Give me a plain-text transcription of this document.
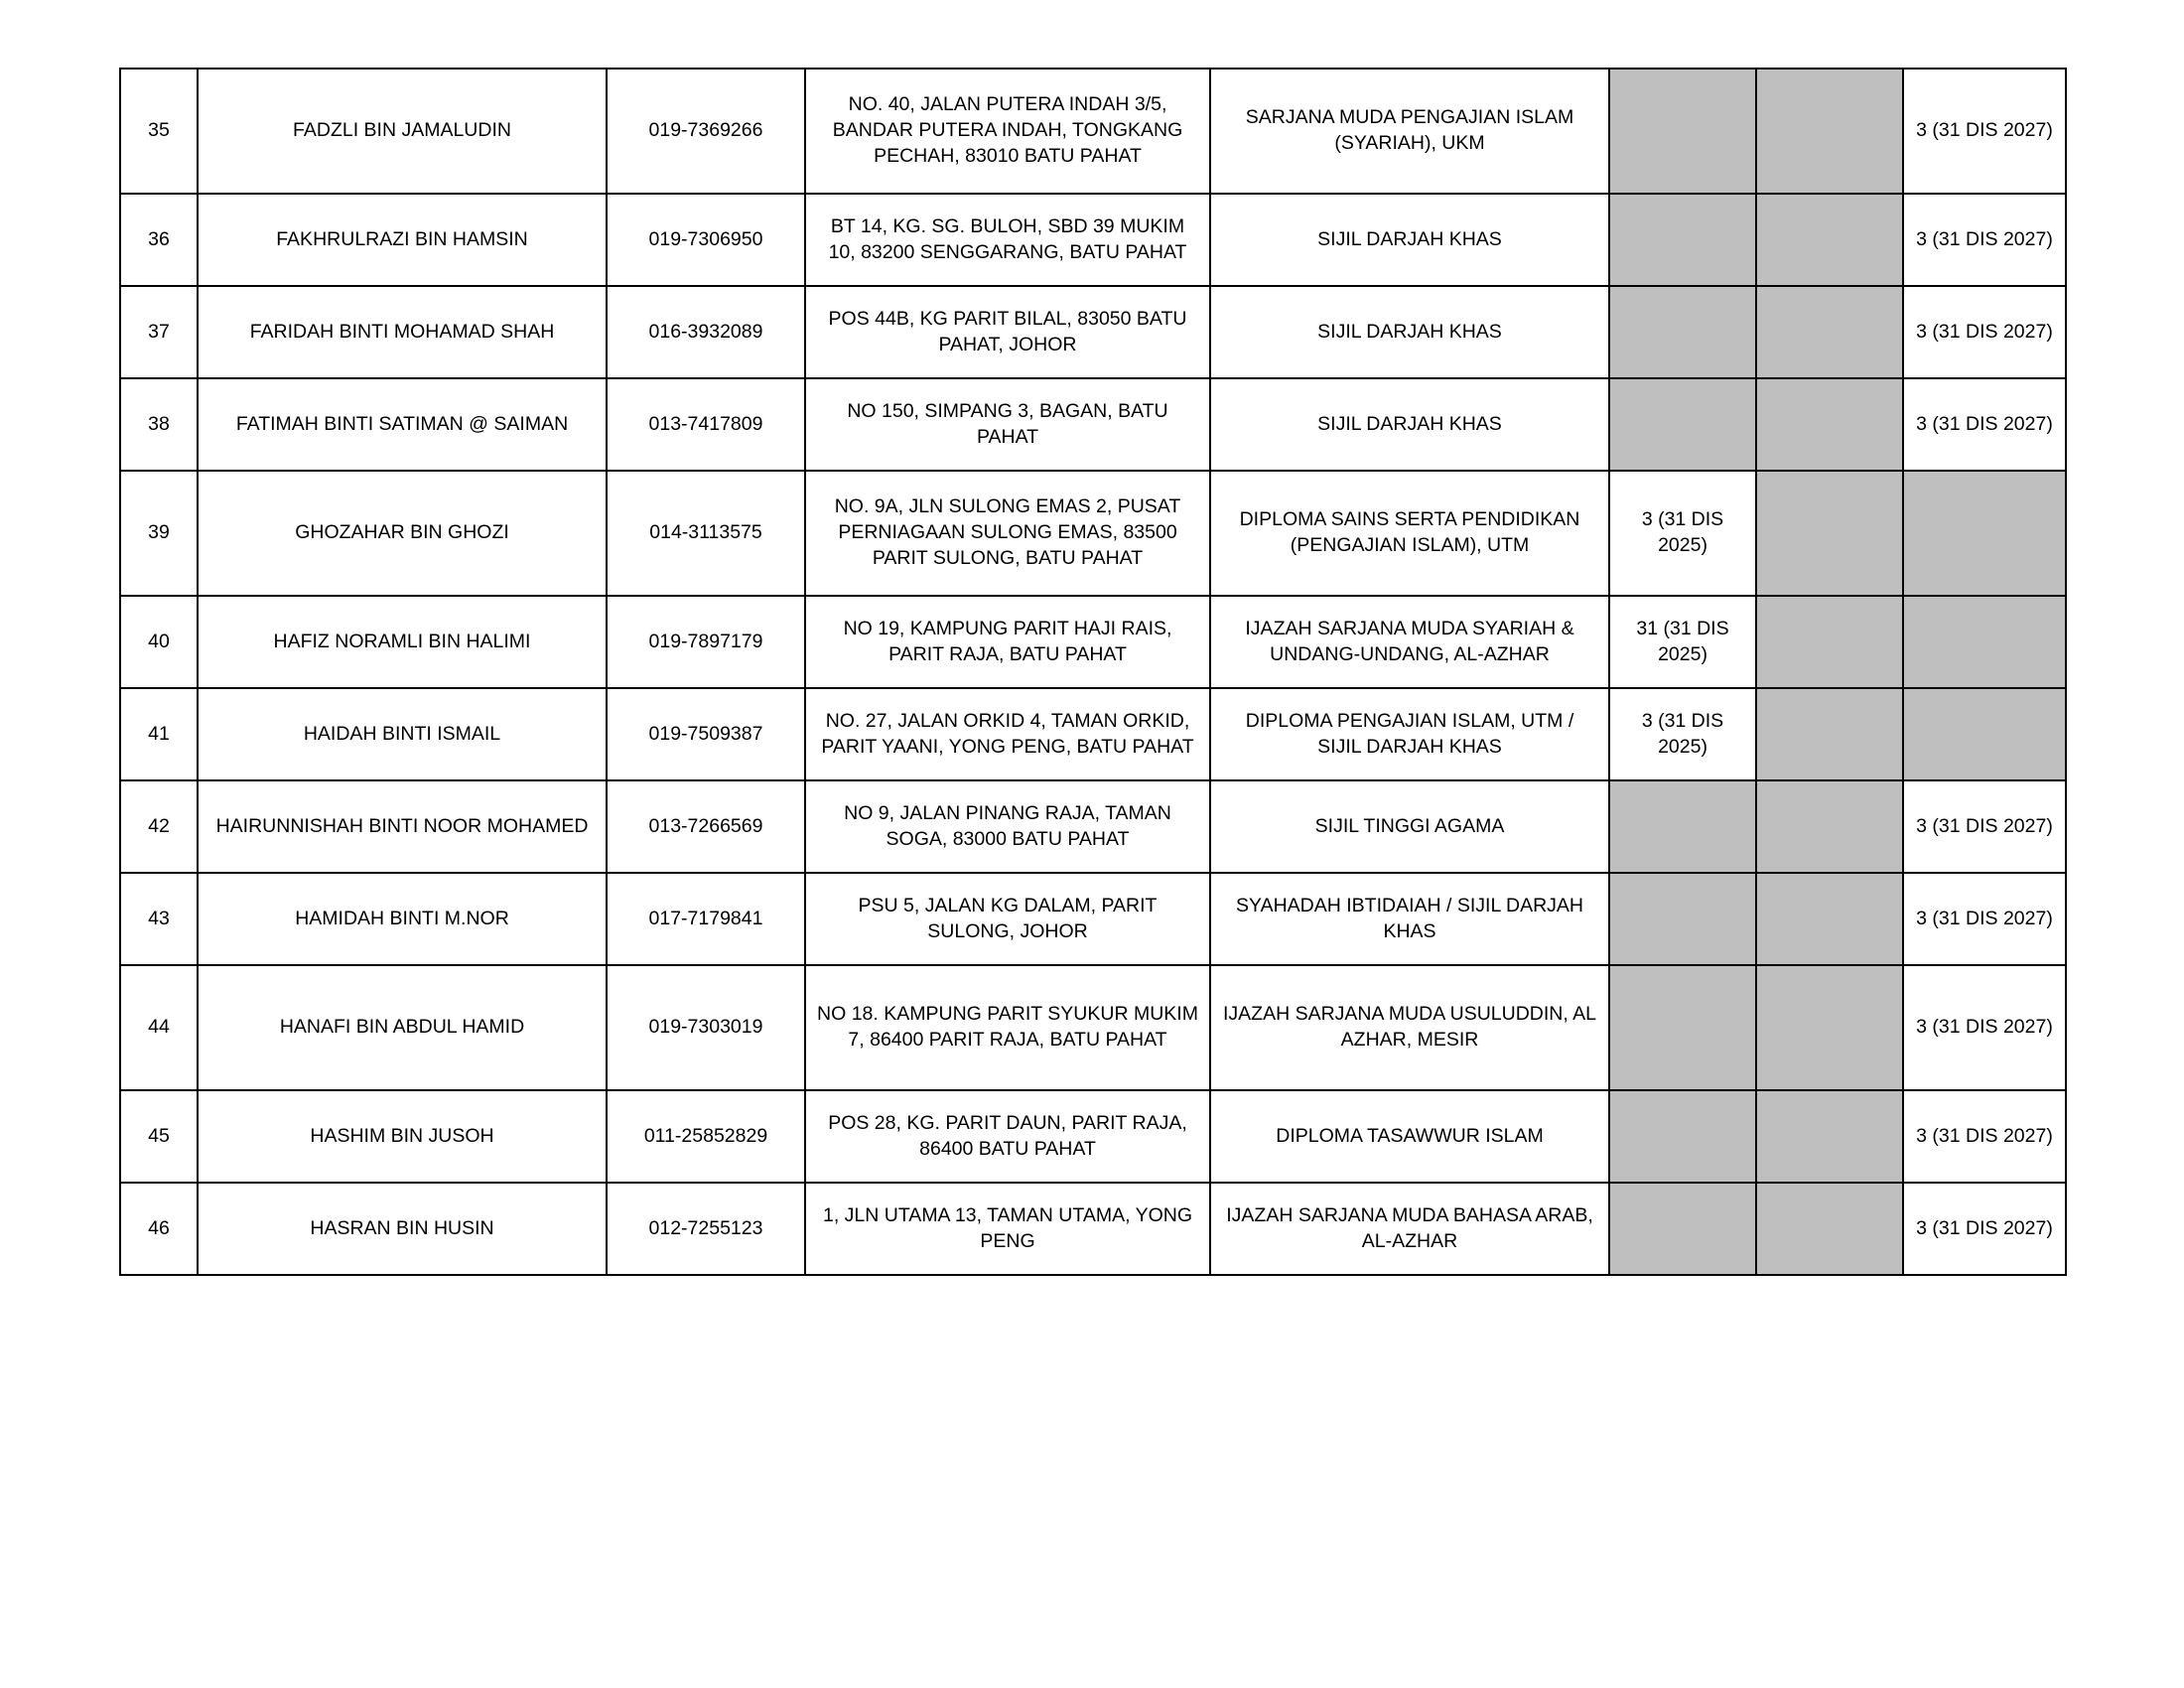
35	FADZLI BIN JAMALUDIN	019-7369266	NO. 40, JALAN PUTERA INDAH 3/5, BANDAR PUTERA INDAH, TONGKANG PECHAH, 83010 BATU PAHAT	SARJANA MUDA PENGAJIAN ISLAM (SYARIAH), UKM			3 (31 DIS 2027)
36	FAKHRULRAZI BIN HAMSIN	019-7306950	BT 14, KG. SG. BULOH, SBD 39 MUKIM 10, 83200 SENGGARANG, BATU PAHAT	SIJIL DARJAH KHAS			3 (31 DIS 2027)
37	FARIDAH BINTI MOHAMAD SHAH	016-3932089	POS 44B, KG PARIT BILAL, 83050 BATU PAHAT, JOHOR	SIJIL DARJAH KHAS			3 (31 DIS 2027)
38	FATIMAH BINTI SATIMAN @ SAIMAN	013-7417809	NO 150, SIMPANG 3, BAGAN, BATU PAHAT	SIJIL DARJAH KHAS			3 (31 DIS 2027)
39	GHOZAHAR BIN GHOZI	014-3113575	NO. 9A, JLN SULONG EMAS 2, PUSAT PERNIAGAAN SULONG EMAS, 83500 PARIT SULONG, BATU PAHAT	DIPLOMA SAINS SERTA PENDIDIKAN (PENGAJIAN ISLAM), UTM	3 (31 DIS 2025)		
40	HAFIZ NORAMLI BIN HALIMI	019-7897179	NO 19, KAMPUNG PARIT HAJI RAIS, PARIT RAJA, BATU PAHAT	IJAZAH SARJANA MUDA SYARIAH & UNDANG-UNDANG, AL-AZHAR	31 (31 DIS 2025)		
41	HAIDAH BINTI ISMAIL	019-7509387	NO. 27, JALAN ORKID 4, TAMAN ORKID, PARIT YAANI, YONG PENG, BATU PAHAT	DIPLOMA PENGAJIAN ISLAM, UTM / SIJIL DARJAH KHAS	3 (31 DIS 2025)		
42	HAIRUNNISHAH BINTI NOOR MOHAMED	013-7266569	NO 9, JALAN PINANG RAJA, TAMAN SOGA, 83000 BATU PAHAT	SIJIL TINGGI AGAMA			3 (31 DIS 2027)
43	HAMIDAH BINTI M.NOR	017-7179841	PSU 5, JALAN KG DALAM, PARIT SULONG, JOHOR	SYAHADAH IBTIDAIAH / SIJIL DARJAH KHAS			3 (31 DIS 2027)
44	HANAFI BIN ABDUL HAMID	019-7303019	NO 18. KAMPUNG PARIT SYUKUR MUKIM 7, 86400 PARIT RAJA, BATU PAHAT	IJAZAH SARJANA MUDA USULUDDIN, AL AZHAR, MESIR			3 (31 DIS 2027)
45	HASHIM BIN JUSOH	011-25852829	POS 28, KG. PARIT DAUN, PARIT RAJA, 86400 BATU PAHAT	DIPLOMA TASAWWUR ISLAM			3 (31 DIS 2027)
46	HASRAN BIN HUSIN	012-7255123	1, JLN UTAMA 13, TAMAN UTAMA, YONG PENG	IJAZAH SARJANA MUDA BAHASA ARAB, AL-AZHAR			3 (31 DIS 2027)
